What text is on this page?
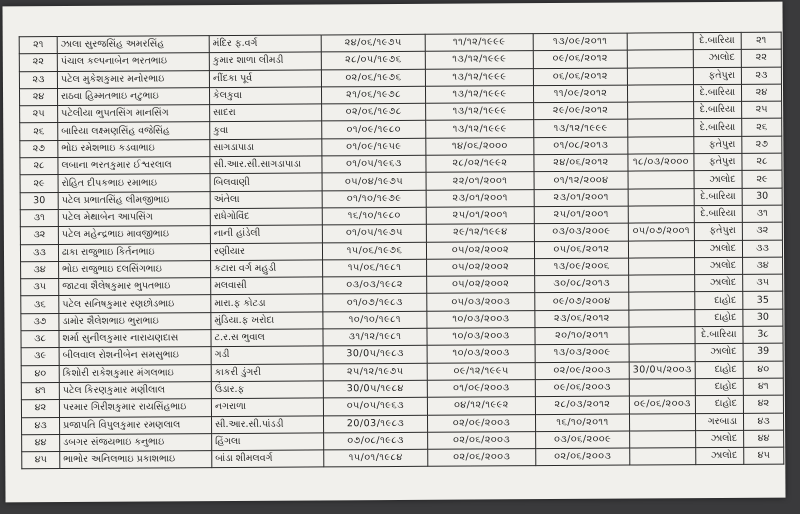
૨૧	ઝાલા સુરજસિંહ અમરસિંહ	મંદિર ફ.વર્ગ	૨૪/૦૬/૧૯૭૫	૧૧/૧૨/૧૯૯૯	૧૩/૦૯/૨૦૧૧		દે.બારિયા	૨૧
૨૨	પંચાલ કલ્પનાબેન ભરતભાઇ	કુમાર શાળા લીમડી	૨૮/૦૫/૧૯૭૬	૧૩/૧૨/૧૯૯૯	૦૯/૦૬/૨૦૧૨		ઝાલોદ	૨૨
૨૩	પટેલ મુકેશકુમાર મનોરભાઇ	નીંદકા પૂર્વ	૦૨/૦૬/૧૯૭૬	૧૩/૧૨/૧૯૯૯	૦૬/૦૬/૨૦૧૨		ફતેપુરા	૨૩
૨૪	રાઠવા હિમ્મતભાઇ નટુભાઇ	કેલકુવા	૨૧/૦૬/૧૯૭૮	૧૩/૧૨/૧૯૯૯	૧૧/૦૯/૨૦૧૨		દે.બારિયા	૨૪
૨૫	પટેલીયા ભુપતસિંગ માનસિંગ	સાદરા	૦૨/૦૬/૧૯૭૮	૧૩/૧૨/૧૯૯૯	૨૯/૦૯/૨૦૧૨		દે.બારિયા	૨૫
૨૬	બારિયા લક્ષ્મણસિંહ વજેસિંહ	કુવા	૦૧/૦૯/૧૯૮૦	૧૩/૧૨/૧૯૯૯	૧૩/૧૨/૧૯૯૯		દે.બારિયા	૨૬
૨૭	ભોઇ રમેશભાઇ કડવાભાઇ	સાગડાપાડા	૦૧/૦૯/૧૯૫૯	૧૪/૦૬/૨૦૦૦	૦૧/૦૮/૨૦૧૩		ફતેપુરા	૨૭
૨૮	લબાના ભરતકુમાર ઈશ્વરલાલ	સી.આર.સી.સાગડાપાડા	૦૧/૦૫/૧૯૬૩	૨૮/૦૨/૧૯૯૨	૨૪/૦૬/૨૦૧૨	૧૮/૦૩/૨૦૦૦	ફતેપુરા	૨૮
૨૯	રોહિત દીપકભાઇ રમાભાઇ	બિલવાણી	૦૫/૦૪/૧૯૭૫	૨૨/૦૧/૨૦૦૧	૦૧/૧૨/૨૦૦૪		ઝાલોદ	૨૯
30	પટેલ પ્રભાતસિંહ લીમજીભાઇ	અંતેલા	૦૧/૧૦/૧૯૭૯	૨૩/૦૧/૨૦૦૧	૨૩/૦૧/૨૦૦૧		દે.બારિયા	30
૩૧	પટેલ મેથાબેન આપસિંગ	રાધેગોવિંદ	૧૬/૧૦/૧૯૮૦	૨૫/૦૧/૨૦૦૧	૨૫/૦૧/૨૦૦૧		દે.બારિયા	૩૧
૩૨	પટેલ મહેન્દ્રભાઇ માવજીભાઇ	નાની હાંડેલી	૦૧/૦૫/૧૯૭૫	૨૯/૧૨/૧૯૯૪	૦૩/૦૩/૨૦૦૯	૦૫/૦૭/૨૦૦૧	ફતેપુરા	૩૨
૩૩	ઢાકા રાજુભાઇ કિર્તનભાઇ	રણીયાર	૧૫/૦૬/૧૯૭૬	૦૫/૦૨/૨૦૦૨	૦૫/૦૬/૨૦૧૨		ઝાલોદ	૩૩
૩૪	ભોઇ રાજુભાઇ દલસિંગભાઇ	કટારા વર્ગ મહુડી	૧૫/૦૬/૧૯૮૧	૦૫/૦૨/૨૦૦૨	૧૩/૦૯/૨૦૦૬		ઝાલોદ	૩૪
૩૫	જાટવા શૈલેષકુમાર ભુપતભાઇ	મલવાસી	૦૩/૦૩/૧૯૮૨	૦૫/૦૨/૨૦૦૨	૩૦/૦૮/૨૦૧૩		ઝાલોદ	૩૫
૩૬	પટેલ સનિષકુમાર રણછોડભાઇ	મારા.ફ કોટડા	૦૧/૦૭/૧૯૮૩	૦૫/૦૩/૨૦૦૩	૦૯/૦૭/૨૦૦૪		દાહોદ	35
૩૭	ડામોર શૈલેશભાઇ ભુરાભાઇ	મુંડિયા.ફ ખરોદા	૧૦/૧૦/૧૯૮૧	૧૦/૦૩/૨૦૦૩	૨૩/૦૬/૨૦૧૨		દાહોદ	30
૩૮	શર્મા સુનીલકુમાર નારાયણદાસ	ટ.ર.સ ભુવાલ	૩૧/૧૨/૧૯૮૧	૧૦/૦૩/૨૦૦૩	૨૦/૧૦/૨૦૧૧		દે.બારિયા	3૮
૩૯	બીલવાલ રોશનીબેન સમસુભાઇ	ગડી	30/0૫/૧૯૮૩	૧૦/૦૩/૨૦૦૩	૧૩/૦૩/૨૦૦૯		ઝાલોદ	39
૪૦	કિશોરી રાકેશકુમાર મંગલભાઇ	કાકરી ડુંગરી	૨૫/૧૨/૧૯૭૫	૦૯/૧૨/૧૯૯૫	૦૨/૦૯/૨૦૦૩	30/0૫/૨૦૦૩	દાહોદ	૪૦
૪૧	પટેલ કિરણકુમાર મણીલાલ	ઉંડાર.ફ	30/0૫/૧૯૮૪	૦૧/૦૯/૨૦૦૩	૦૯/૦૬/૨૦૦૩		દાહોદ	૪૧
૪૨	પરમાર ગિરીશકુમાર રાયસિંહભાઇ	નગરાળા	૦૫/૦૫/૧૯૬૩	૦૪/૧૨/૧૯૯૨	૨૮/૦૩/૨૦૧૨	૦૯/૦૬/૨૦૦૩	દાહોદ	૪૨
૪૩	પ્રજાપતિ વિપુલકુમાર રમણલાલ	સી.આર.સી.પાંડડી	20/03/૧૯૮૩	૦૨/૦૯/૨૦૦૩	૧૬/૧૦/૨૦૧૧		ગરબાડા	૪૩
૪૪	ડબગર સંજયભાઇ કનુભાઇ	હિંગલા	૦૭/૦૮/૧૯૮૩	૦૨/૦૬/૨૦૦૩	૦૩/૦૬/૨૦૦૯		ઝાલોદ	૪૪
૪૫	ભાભોર અનિલભાઇ પ્રકાશભાઇ	બાંડા શીમલવર્ગ	૧૫/૦૧/૧૯૮૪	૦૨/૦૬/૨૦૦૩	૦૨/૦૬/૨૦૦૩		ઝાલોદ	૪૫
